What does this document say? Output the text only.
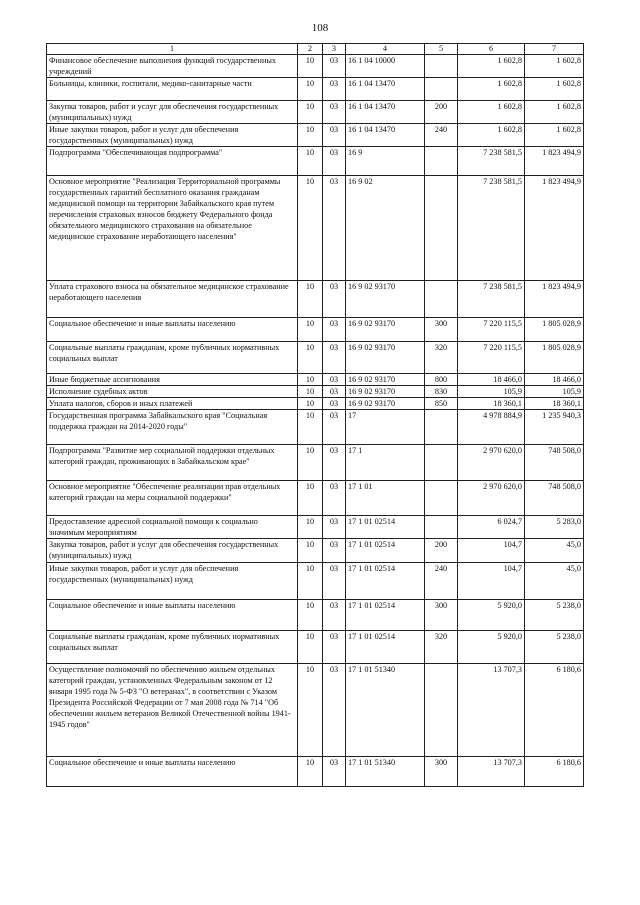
108
1	2	3	4	5	6	7
Финансовое обеспечение выполнения функций государственных учреждений	10	03	16 1 04 10000		1 602,8	1 602,8
Больницы, клиники, госпитали, медико-санитарные части	10	03	16 1 04 13470		1 602,8	1 602,8
Закупка товаров, работ и услуг для обеспечения государственных (муниципальных) нужд	10	03	16 1 04 13470	200	1 602,8	1 602,8
Иные закупки товаров, работ и услуг для обеспечения государственных (муниципальных) нужд	10	03	16 1 04 13470	240	1 602,8	1 602,8
Подпрограмма "Обеспечивающая подпрограмма"	10	03	16 9		7 238 581,5	1 823 494,9
Основное мероприятие "Реализация Территориальной программы государственных гарантий бесплатного оказания гражданам медицинской помощи на территории Забайкальского края путем перечисления страховых взносов бюджету Федерального фонда обязательного медицинского страхования на обязательное медицинское страхование неработающего населения"	10	03	16 9 02		7 238 581,5	1 823 494,9
Уплата страхового взноса на обязательное медицинское страхование неработающего населения	10	03	16 9 02 93170		7 238 581,5	1 823 494,9
Социальное обеспечение и иные выплаты населению	10	03	16 9 02 93170	300	7 220 115,5	1 805 028,9
Социальные выплаты гражданам, кроме публичных нормативных социальных выплат	10	03	16 9 02 93170	320	7 220 115,5	1 805 028,9
Иные бюджетные ассигнования	10	03	16 9 02 93170	800	18 466,0	18 466,0
Исполнение судебных актов	10	03	16 9 02 93170	830	105,9	105,9
Уплата налогов, сборов и иных платежей	10	03	16 9 02 93170	850	18 360,1	18 360,1
Государственная программа Забайкальского края "Социальная поддержка граждан на 2014-2020 годы"	10	03	17		4 978 884,9	1 235 940,3
Подпрограмма "Развитие мер социальной поддержки отдельных категорий граждан, проживающих в Забайкальском крае"	10	03	17 1		2 970 620,0	748 508,0
Основное мероприятие "Обеспечение реализации прав отдельных категорий граждан на меры социальной поддержки"	10	03	17 1 01		2 970 620,0	748 508,0
Предоставление адресной социальной помощи к социально значимым мероприятиям	10	03	17 1 01 02514		6 024,7	5 283,0
Закупка товаров, работ и услуг для обеспечения государственных (муниципальных) нужд	10	03	17 1 01 02514	200	104,7	45,0
Иные закупки товаров, работ и услуг для обеспечения государственных (муниципальных) нужд	10	03	17 1 01 02514	240	104,7	45,0
Социальное обеспечение и иные выплаты населению	10	03	17 1 01 02514	300	5 920,0	5 238,0
Социальные выплаты гражданам, кроме публичных нормативных социальных выплат	10	03	17 1 01 02514	320	5 920,0	5 238,0
Осуществление полномочий по обеспечению жильем отдельных категорий граждан, установленных Федеральным законом от 12 января 1995 года № 5-ФЗ "О ветеранах", в соответствии с Указом Президента Российской Федерации от 7 мая 2008 года № 714 "Об обеспечении жильем ветеранов Великой Отечественной войны 1941-1945 годов"	10	03	17 1 01 51340		13 707,3	6 180,6
Социальное обеспечение и иные выплаты населению	10	03	17 1 01 51340	300	13 707,3	6 180,6
